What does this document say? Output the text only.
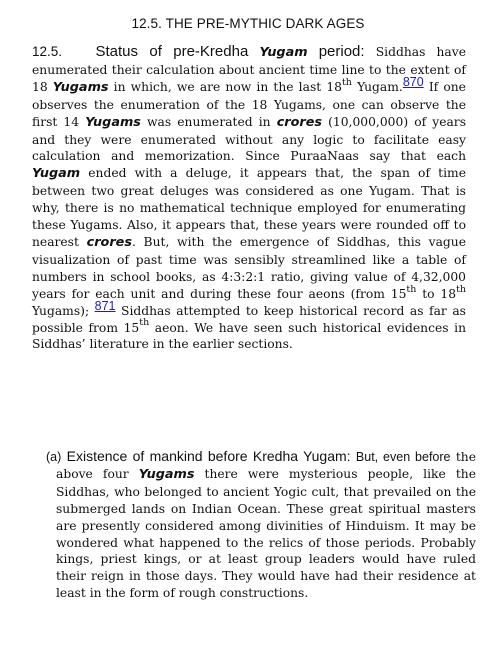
12.5. THE PRE-MYTHIC DARK AGES

12.5. Status of pre-Kredha Yugam period: Siddhas have enumerated their calculation about ancient time line to the extent of 18 Yugams in which, we are now in the last 18th Yugam.870 If one observes the enumeration of the 18 Yugams, one can observe the first 14 Yugams was enumerated in crores (10,000,000) of years and they were enumerated without any logic to facilitate easy calculation and memorization. Since PuraaNaas say that each Yugam ended with a deluge, it appears that, the span of time between two great deluges was considered as one Yugam. That is why, there is no mathematical technique employed for enumerating these Yugams. Also, it appears that, these years were rounded off to nearest crores. But, with the emergence of Siddhas, this vague visualization of past time was sensibly streamlined like a table of numbers in school books, as 4:3:2:1 ratio, giving value of 4,32,000 years for each unit and during these four aeons (from 15th to 18th Yugams); 871 Siddhas attempted to keep historical record as far as possible from 15th aeon. We have seen such historical evidences in Siddhas’ literature in the earlier sections.

(a) Existence of mankind before Kredha Yugam: But, even before the above four Yugams there were mysterious people, like the Siddhas, who belonged to ancient Yogic cult, that prevailed on the submerged lands on Indian Ocean. These great spiritual masters are presently considered among divinities of Hinduism. It may be wondered what happened to the relics of those periods. Probably kings, priest kings, or at least group leaders would have ruled their reign in those days. They would have had their residence at least in the form of rough constructions.
